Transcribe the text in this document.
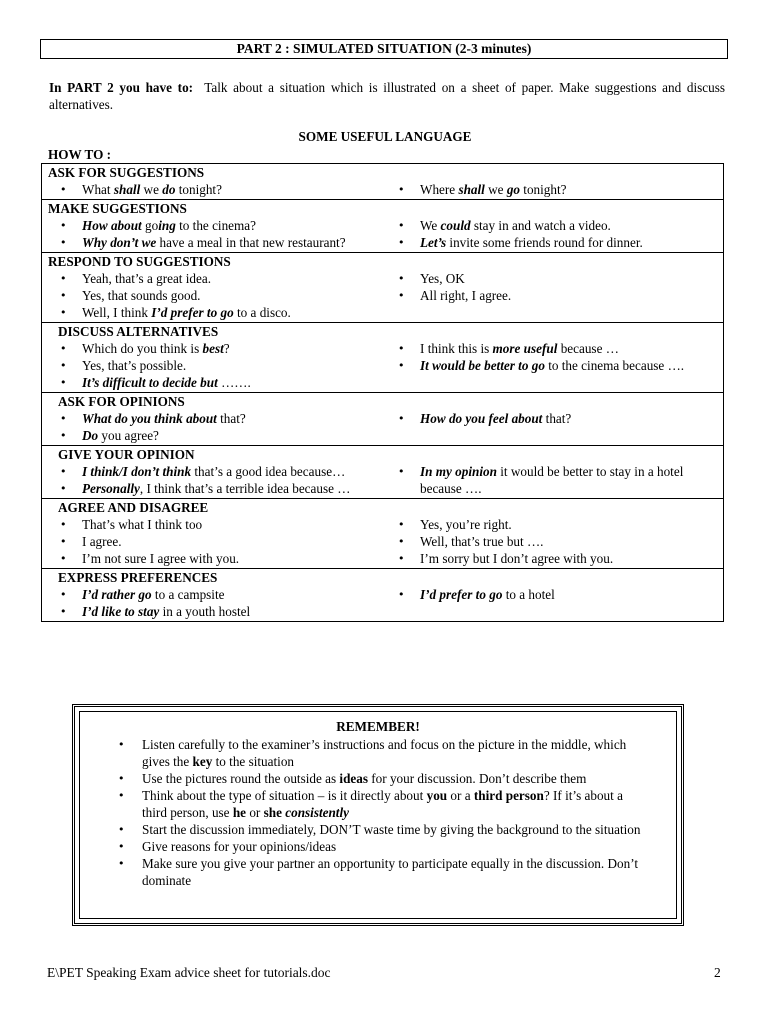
PART 2 : SIMULATED SITUATION (2-3 minutes)
In PART 2 you have to: Talk about a situation which is illustrated on a sheet of paper. Make suggestions and discuss alternatives.
SOME USEFUL LANGUAGE
HOW TO :
ASK FOR SUGGESTIONS
• What shall we do tonight?
•	Where shall we go tonight?
MAKE SUGGESTIONS
• How about going to the cinema?
• Why don’t we have a meal in that new restaurant?
• We could stay in and watch a video.
• Let’s invite some friends round for dinner.
RESPOND TO SUGGESTIONS
• Yeah, that’s a great idea.
• Yes, that sounds good.
• Well, I think I’d prefer to go to a disco.
• Yes, OK
• All right, I agree.
DISCUSS ALTERNATIVES
• Which do you think is best?
• Yes, that’s possible.
• It’s difficult to decide but …….
• I think this is more useful because …
• It would be better to go to the cinema because ….
ASK FOR OPINIONS
• What do you think about that?
• Do you agree?
• How do you feel about that?
GIVE YOUR OPINION
• I think/I don’t think that’s a good idea because…
• Personally, I think that’s a terrible idea because …
• In my opinion it would be better to stay in a hotel because ….
AGREE AND DISAGREE
• That’s what I think too
• I agree.
• I’m not sure I agree with you.
• Yes, you’re right.
• Well, that’s true but ….
• I’m sorry but I don’t agree with you.
EXPRESS PREFERENCES
• I’d rather go to a campsite
• I’d like to stay in a youth hostel
• I’d prefer to go to a hotel
REMEMBER!
• Listen carefully to the examiner’s instructions and focus on the picture in the middle, which gives the key to the situation
• Use the pictures round the outside as ideas for your discussion. Don’t describe them
• Think about the type of situation – is it directly about you or a third person? If it’s about a third person, use he or she consistently
• Start the discussion immediately, DON’T waste time by giving the background to the situation
• Give reasons for your opinions/ideas
• Make sure you give your partner an opportunity to participate equally in the discussion. Don’t dominate
E\PET Speaking Exam advice sheet for tutorials.doc	2
